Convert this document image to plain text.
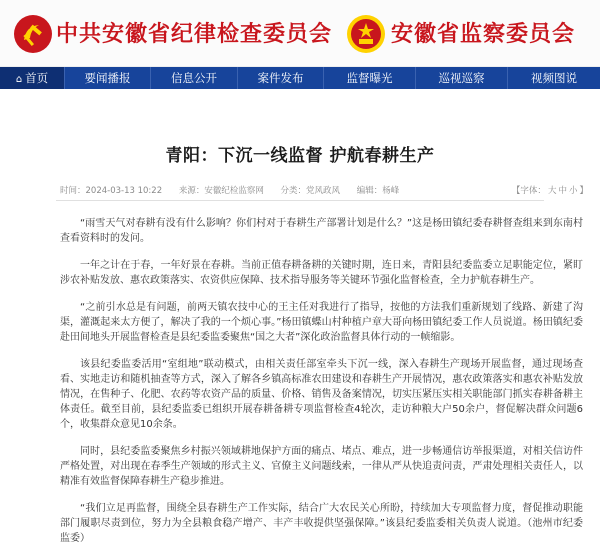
中共安徽省纪律检查委员会	安徽省监察委员会
⌂ 首页	要闻播报	信息公开	案件发布	监督曝光	巡视巡察	视频图说
青阳：下沉一线监督 护航春耕生产
时间：2024-03-13 10:22 来源：安徽纪检监察网 分类：党风政风 编辑：杨峰	【字体： 大 中 小 】

“雨雪天气对春耕有没有什么影响？你们村对于春耕生产部署计划是什么？”这是杨田镇纪委春耕督查组来到东南村查看资料时的发问。

一年之计在于春，一年好景在春耕。当前正值春耕备耕的关键时期，连日来，青阳县纪委监委立足职能定位，紧盯涉农补贴发放、惠农政策落实、农资供应保障、技术指导服务等关键环节强化监督检查，全力护航春耕生产。

“之前引水总是有问题，前两天镇农技中心的王主任对我进行了指导，按他的方法我们重新规划了线路、新建了沟渠，灌溉起来太方便了，解决了我的一个烦心事。”杨田镇蝶山村种植户章大哥向杨田镇纪委工作人员说道。杨田镇纪委赴田间地头开展监督检查是县纪委监委聚焦“国之大者”深化政治监督具体行动的一帧缩影。

该县纪委监委活用“室组地”联动模式，由相关责任部室牵头下沉一线，深入春耕生产现场开展监督，通过现场查看、实地走访和随机抽查等方式，深入了解各乡镇高标准农田建设和春耕生产开展情况，惠农政策落实和惠农补贴发放情况，在售种子、化肥、农药等农资产品的质量、价格、销售及备案情况，切实压紧压实相关职能部门抓实春耕备耕主体责任。截至目前，县纪委监委已组织开展春耕备耕专项监督检查4轮次，走访种粮大户50余户，督促解决群众问题6个，收集群众意见10余条。

同时，县纪委监委聚焦乡村振兴领域耕地保护方面的痛点、堵点、难点，进一步畅通信访举报渠道，对相关信访件严格处置，对出现在春季生产领域的形式主义、官僚主义问题线索，一律从严从快追责问责，严肃处理相关责任人，以精准有效监督保障春耕生产稳步推进。

“我们立足再监督，围绕全县春耕生产工作实际，结合广大农民关心所盼，持续加大专项监督力度，督促推动职能部门履职尽责到位，努力为全县粮食稳产增产、丰产丰收提供坚强保障。”该县纪委监委相关负责人说道。（池州市纪委监委）
